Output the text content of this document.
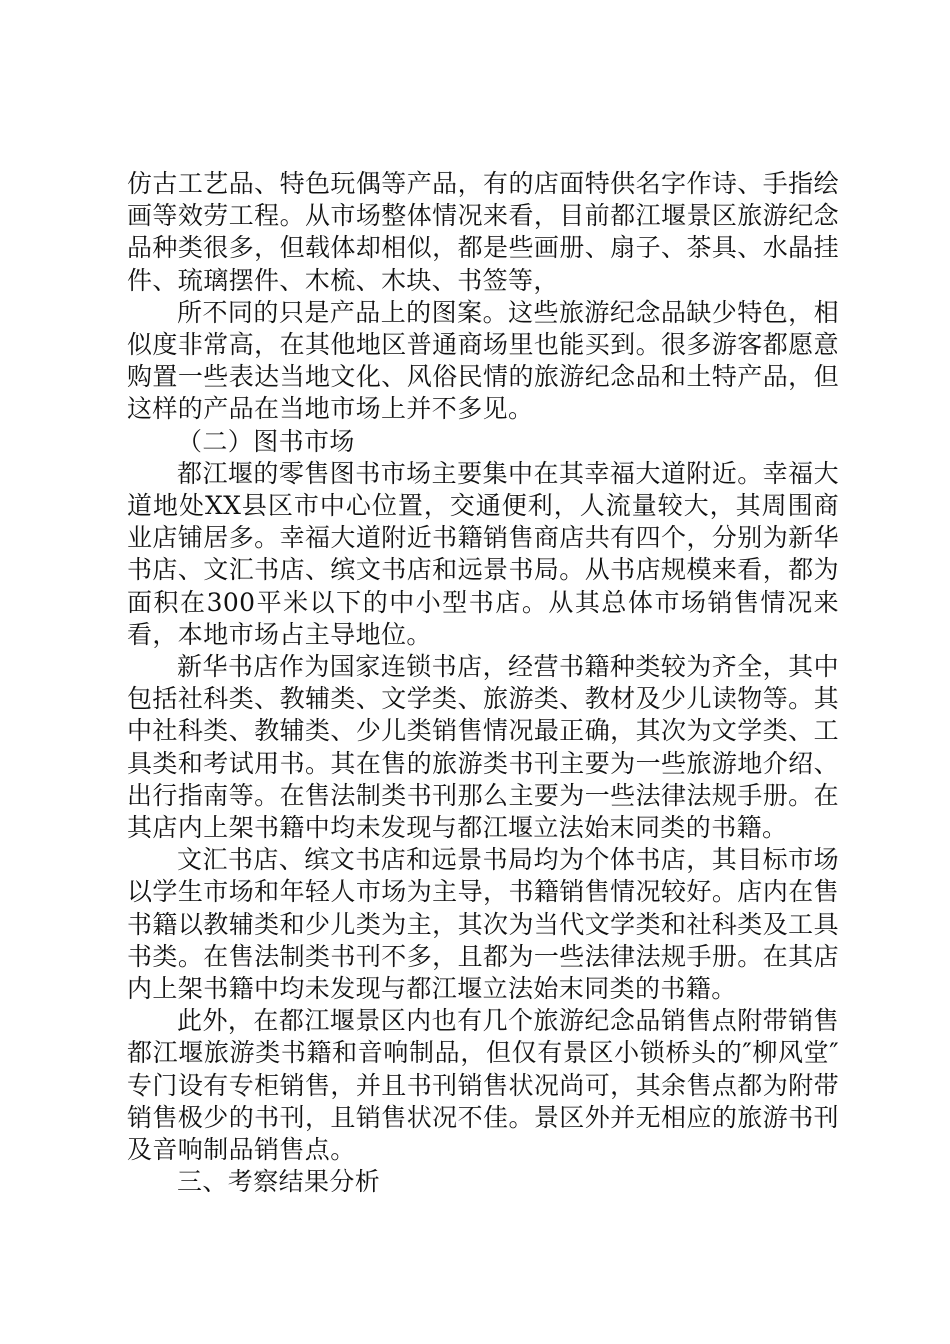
仿古工艺品、特色玩偶等产品，有的店面特供名字作诗、手指绘画等效劳工程。从市场整体情况来看，目前都江堰景区旅游纪念品种类很多，但载体却相似，都是些画册、扇子、茶具、水晶挂件、琉璃摆件、木梳、木块、书签等，

所不同的只是产品上的图案。这些旅游纪念品缺少特色，相似度非常高，在其他地区普通商场里也能买到。很多游客都愿意购置一些表达当地文化、风俗民情的旅游纪念品和土特产品，但这样的产品在当地市场上并不多见。

（二）图书市场

都江堰的零售图书市场主要集中在其幸福大道附近。幸福大道地处XX县区市中心位置，交通便利，人流量较大，其周围商业店铺居多。幸福大道附近书籍销售商店共有四个，分别为新华书店、文汇书店、缤文书店和远景书局。从书店规模来看，都为面积在300平米以下的中小型书店。从其总体市场销售情况来看，本地市场占主导地位。

新华书店作为国家连锁书店，经营书籍种类较为齐全，其中包括社科类、教辅类、文学类、旅游类、教材及少儿读物等。其中社科类、教辅类、少儿类销售情况最正确，其次为文学类、工具类和考试用书。其在售的旅游类书刊主要为一些旅游地介绍、出行指南等。在售法制类书刊那么主要为一些法律法规手册。在其店内上架书籍中均未发现与都江堰立法始末同类的书籍。

文汇书店、缤文书店和远景书局均为个体书店，其目标市场以学生市场和年轻人市场为主导，书籍销售情况较好。店内在售书籍以教辅类和少儿类为主，其次为当代文学类和社科类及工具书类。在售法制类书刊不多，且都为一些法律法规手册。在其店内上架书籍中均未发现与都江堰立法始末同类的书籍。

此外，在都江堰景区内也有几个旅游纪念品销售点附带销售都江堰旅游类书籍和音响制品，但仅有景区小锁桥头的″柳风堂″专门设有专柜销售，并且书刊销售状况尚可，其余售点都为附带销售极少的书刊，且销售状况不佳。景区外并无相应的旅游书刊及音响制品销售点。

三、考察结果分析
